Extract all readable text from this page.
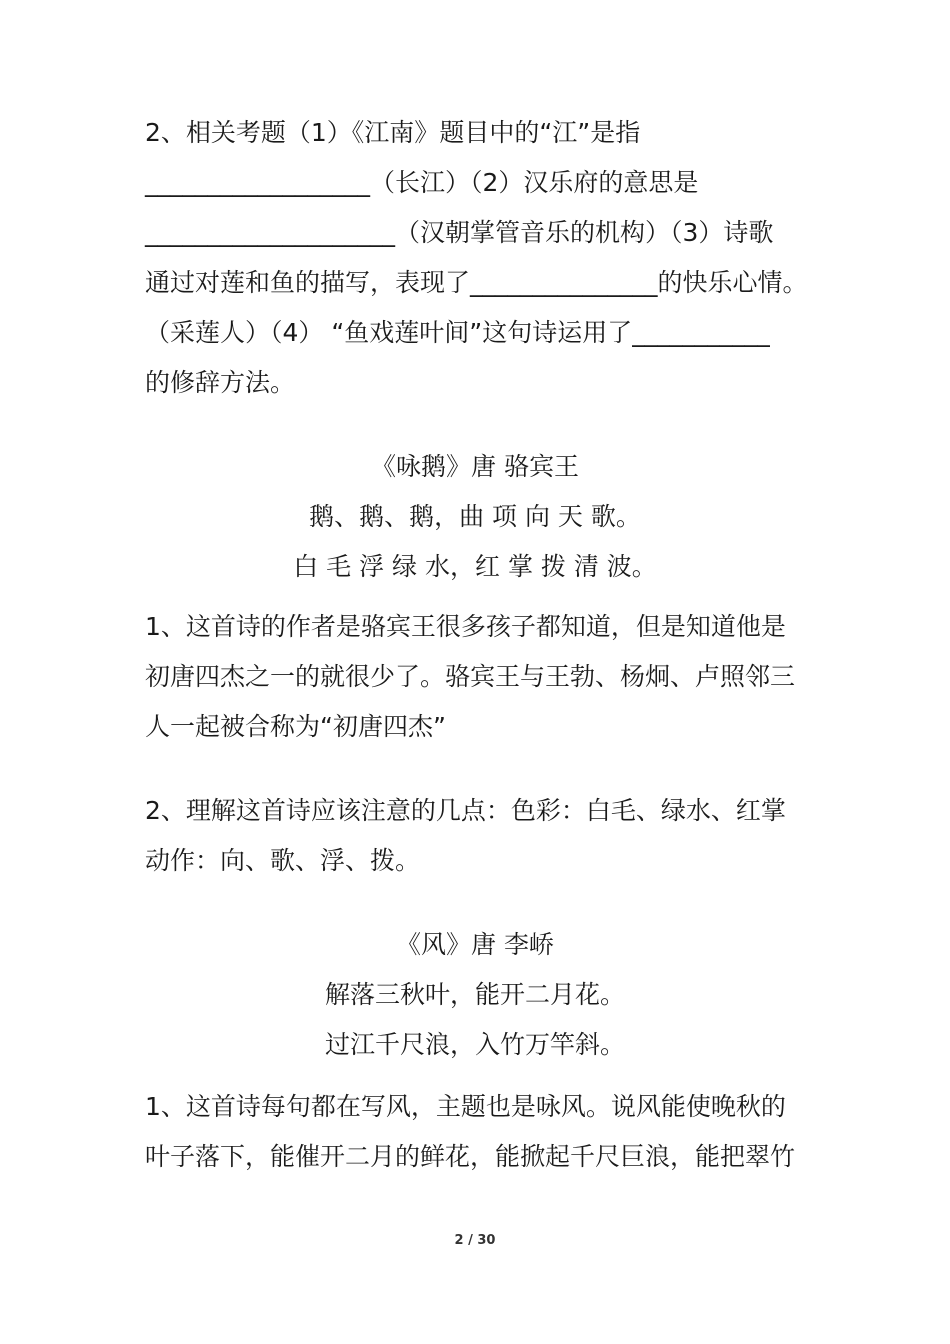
2、相关考题（1）《江南》题目中的“江”是指
__________________（长江）（2）汉乐府的意思是
____________________（汉朝掌管音乐的机构）（3）诗歌
通过对莲和鱼的描写，表现了_______________的快乐心情。
（采莲人）（4） “鱼戏莲叶间”这句诗运用了___________
的修辞方法。
《咏鹅》唐 骆宾王
鹅、鹅、鹅，曲 项 向 天 歌。
白 毛 浮 绿 水，红 掌 拨 清 波。
1、这首诗的作者是骆宾王很多孩子都知道，但是知道他是
初唐四杰之一的就很少了。骆宾王与王勃、杨炯、卢照邻三
人一起被合称为“初唐四杰”
2、理解这首诗应该注意的几点：色彩：白毛、绿水、红掌
动作：向、歌、浮、拨。
《风》唐 李峤
解落三秋叶，能开二月花。
过江千尺浪，入竹万竿斜。
1、这首诗每句都在写风，主题也是咏风。说风能使晚秋的
叶子落下，能催开二月的鲜花，能掀起千尺巨浪，能把翠竹
2 / 30
